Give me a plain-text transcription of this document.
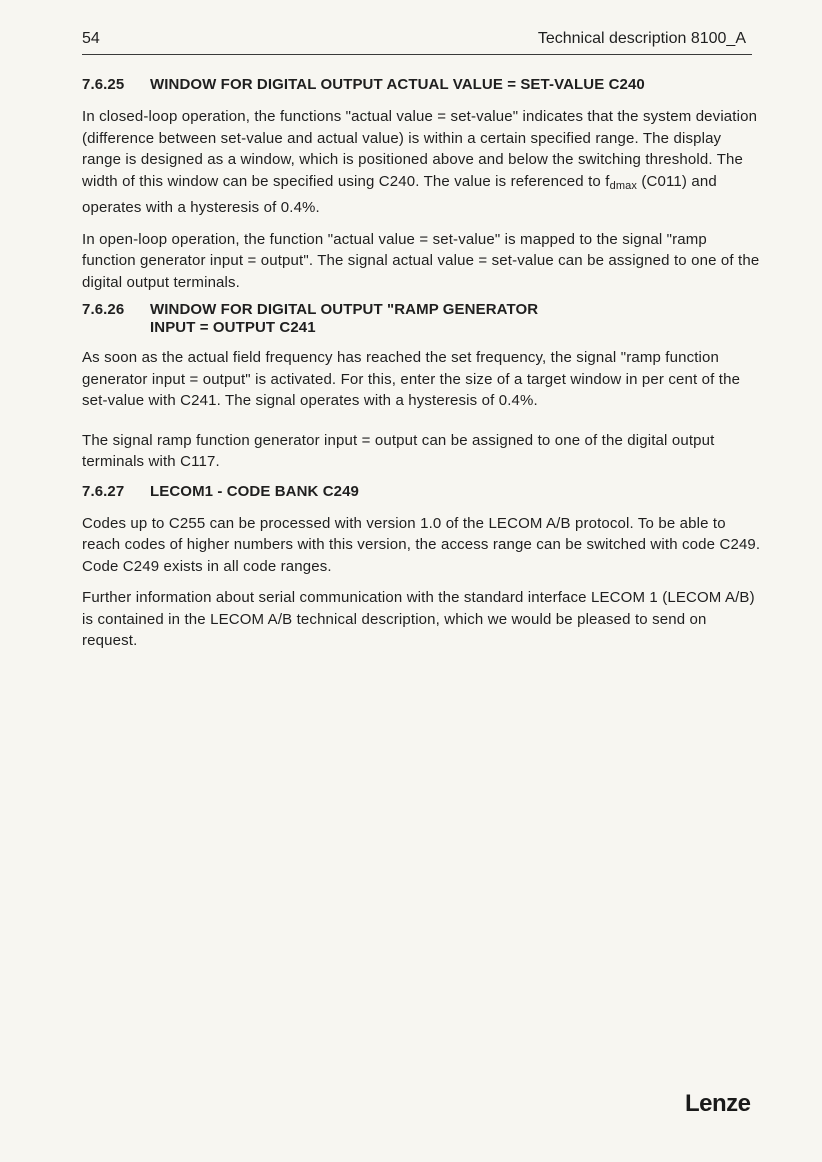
54	Technical description 8100_A
7.6.25	WINDOW FOR DIGITAL OUTPUT ACTUAL VALUE = SET-VALUE C240

In closed-loop operation, the functions "actual value = set-value" indicates that the system deviation (difference between set-value and actual value) is within a certain specified range. The display range is designed as a window, which is positioned above and below the switching threshold. The width of this window can be specified using C240. The value is referenced to $f_{dmax}$ (C011) and operates with a hysteresis of 0.4%.

In open-loop operation, the function "actual value = set-value" is mapped to the signal "ramp function generator input = output". The signal actual value = set-value can be assigned to one of the digital output terminals.

7.6.26	WINDOW FOR DIGITAL OUTPUT "RAMP GENERATOR
INPUT = OUTPUT C241

As soon as the actual field frequency has reached the set frequency, the signal "ramp function generator input = output" is activated. For this, enter the size of a target window in per cent of the set-value with C241. The signal operates with a hysteresis of 0.4%.

The signal ramp function generator input = output can be assigned to one of the digital output terminals with C117.

7.6.27	LECOM1 - CODE BANK C249

Codes up to C255 can be processed with version 1.0 of the LECOM A/B protocol. To be able to reach codes of higher numbers with this version, the access range can be switched with code C249. Code C249 exists in all code ranges.

Further information about serial communication with the standard interface LECOM 1 (LECOM A/B) is contained in the LECOM A/B technical description, which we would be pleased to send on request.

Lenze
